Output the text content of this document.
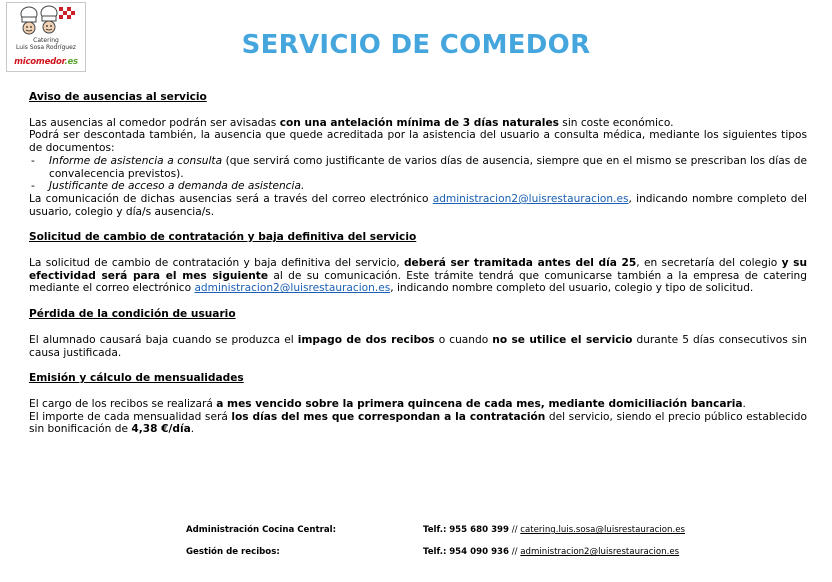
Catering
Luis Sosa Rodríguez
micomedor.es
SERVICIO DE COMEDOR
Aviso de ausencias al servicio

Las ausencias al comedor podrán ser avisadas con una antelación mínima de 3 días naturales sin coste económico.

Podrá ser descontada también, la ausencia que quede acreditada por la asistencia del usuario a consulta médica, mediante los siguientes tipos de documentos:

- Informe de asistencia a consulta (que servirá como justificante de varios días de ausencia, siempre que en el mismo se prescriban los días de convalecencia previstos).
- Justificante de acceso a demanda de asistencia.

La comunicación de dichas ausencias será a través del correo electrónico administracion2@luisrestauracion.es, indicando nombre completo del usuario, colegio y día/s ausencia/s.

Solicitud de cambio de contratación y baja definitiva del servicio

La solicitud de cambio de contratación y baja definitiva del servicio, deberá ser tramitada antes del día 25, en secretaría del colegio y su efectividad será para el mes siguiente al de su comunicación. Este trámite tendrá que comunicarse también a la empresa de catering mediante el correo electrónico administracion2@luisrestauracion.es, indicando nombre completo del usuario, colegio y tipo de solicitud.

Pérdida de la condición de usuario

El alumnado causará baja cuando se produzca el impago de dos recibos o cuando no se utilice el servicio durante 5 días consecutivos sin causa justificada.

Emisión y cálculo de mensualidades

El cargo de los recibos se realizará a mes vencido sobre la primera quincena de cada mes, mediante domiciliación bancaria.

El importe de cada mensualidad será los días del mes que correspondan a la contratación del servicio, siendo el precio público establecido sin bonificación de 4,38 €/día.

Administración Cocina Central:	Telf.: 955 680 399 // catering.luis.sosa@luisrestauracion.es
Gestión de recibos:	Telf.: 954 090 936 // administracion2@luisrestauracion.es
